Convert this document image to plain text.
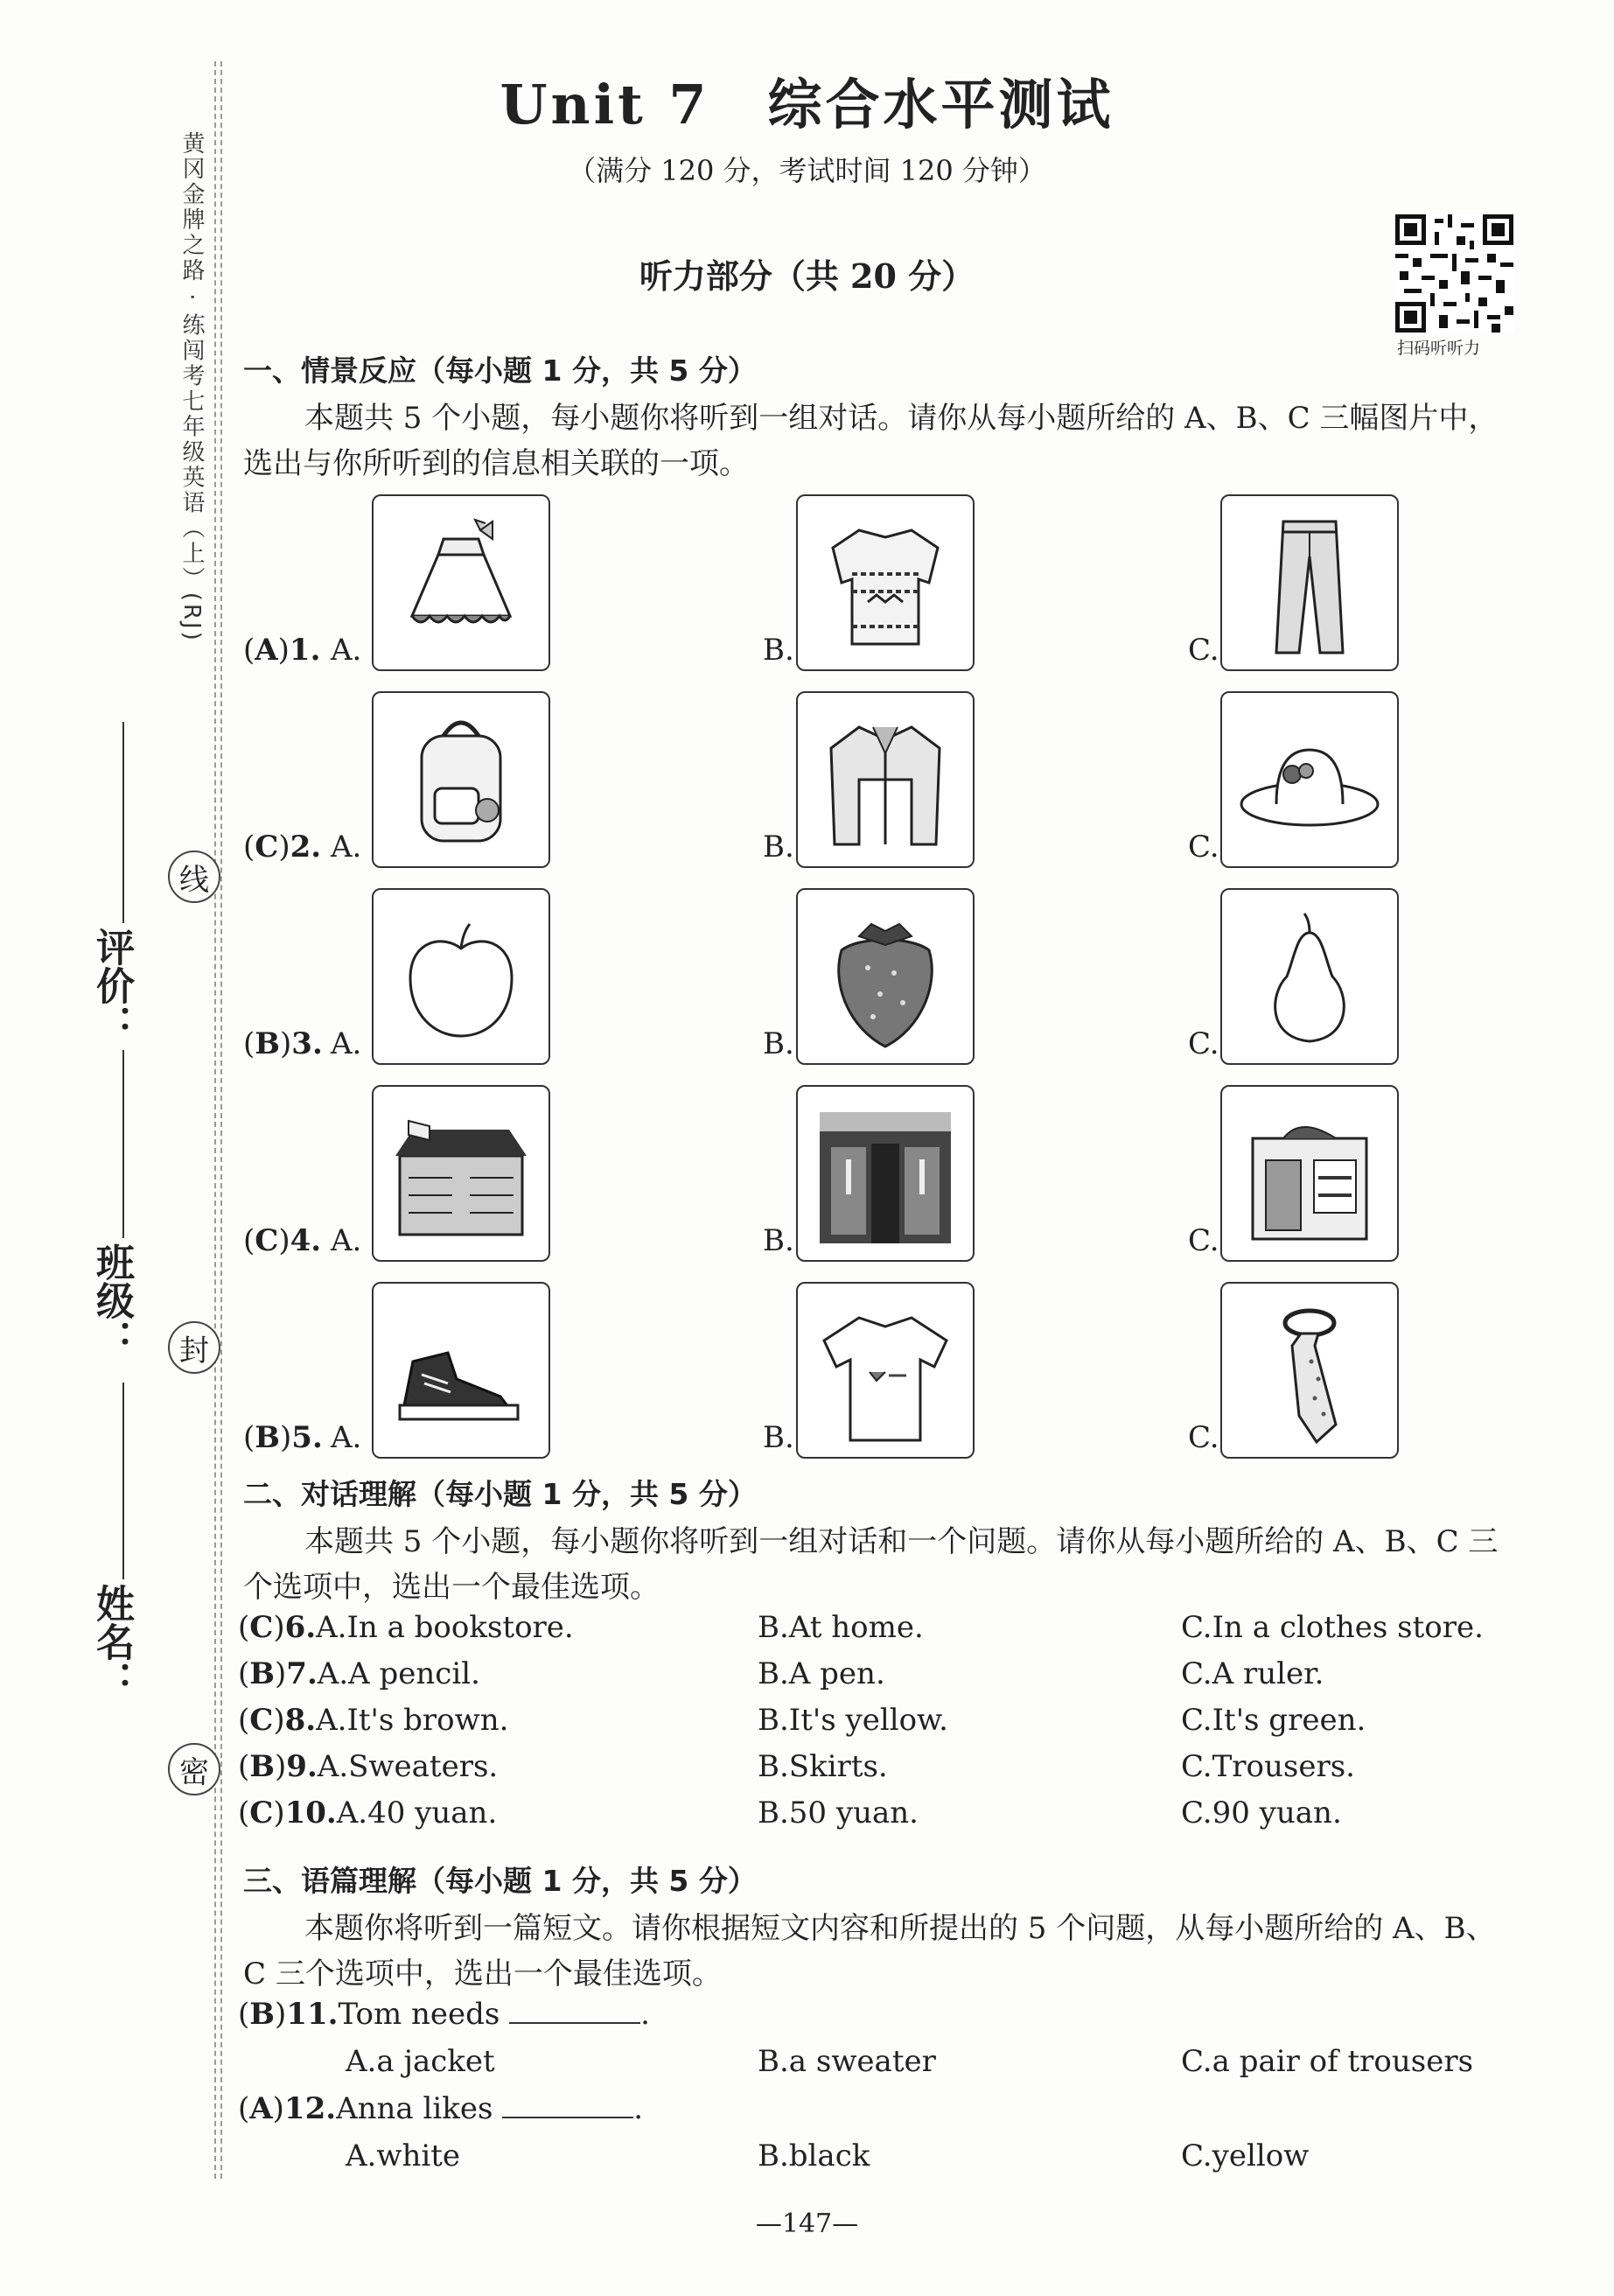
黄冈金牌之路 · 练闯考七年级英语（上）(RJ)
评价：
班级：
姓名：
线
封
密
Unit 7　综合水平测试
（满分 120 分，考试时间 120 分钟）
听力部分（共 20 分）
扫码听听力
一、情景反应（每小题 1 分，共 5 分）
本题共 5 个小题，每小题你将听到一组对话。请你从每小题所给的 A、B、C 三幅图片中，选出与你所听到的信息相关联的一项。
(A)1. A.	B.	C.
(C)2. A.	B.	C.
(B)3. A.	B.	C.
(C)4. A.	B.	C.
(B)5. A.	B.	C.
二、对话理解（每小题 1 分，共 5 分）
本题共 5 个小题，每小题你将听到一组对话和一个问题。请你从每小题所给的 A、B、C 三个选项中，选出一个最佳选项。
(C)6.A.In a bookstore.	B.At home.	C.In a clothes store.
(B)7.A.A pencil.	B.A pen.	C.A ruler.
(C)8.A.It's brown.	B.It's yellow.	C.It's green.
(B)9.A.Sweaters.	B.Skirts.	C.Trousers.
(C)10.A.40 yuan.	B.50 yuan.	C.90 yuan.
三、语篇理解（每小题 1 分，共 5 分）
本题你将听到一篇短文。请你根据短文内容和所提出的 5 个问题，从每小题所给的 A、B、C 三个选项中，选出一个最佳选项。
(B)11.Tom needs	.
A.a jacket	B.a sweater	C.a pair of trousers
(A)12.Anna likes	.
A.white	B.black	C.yellow
—147—
